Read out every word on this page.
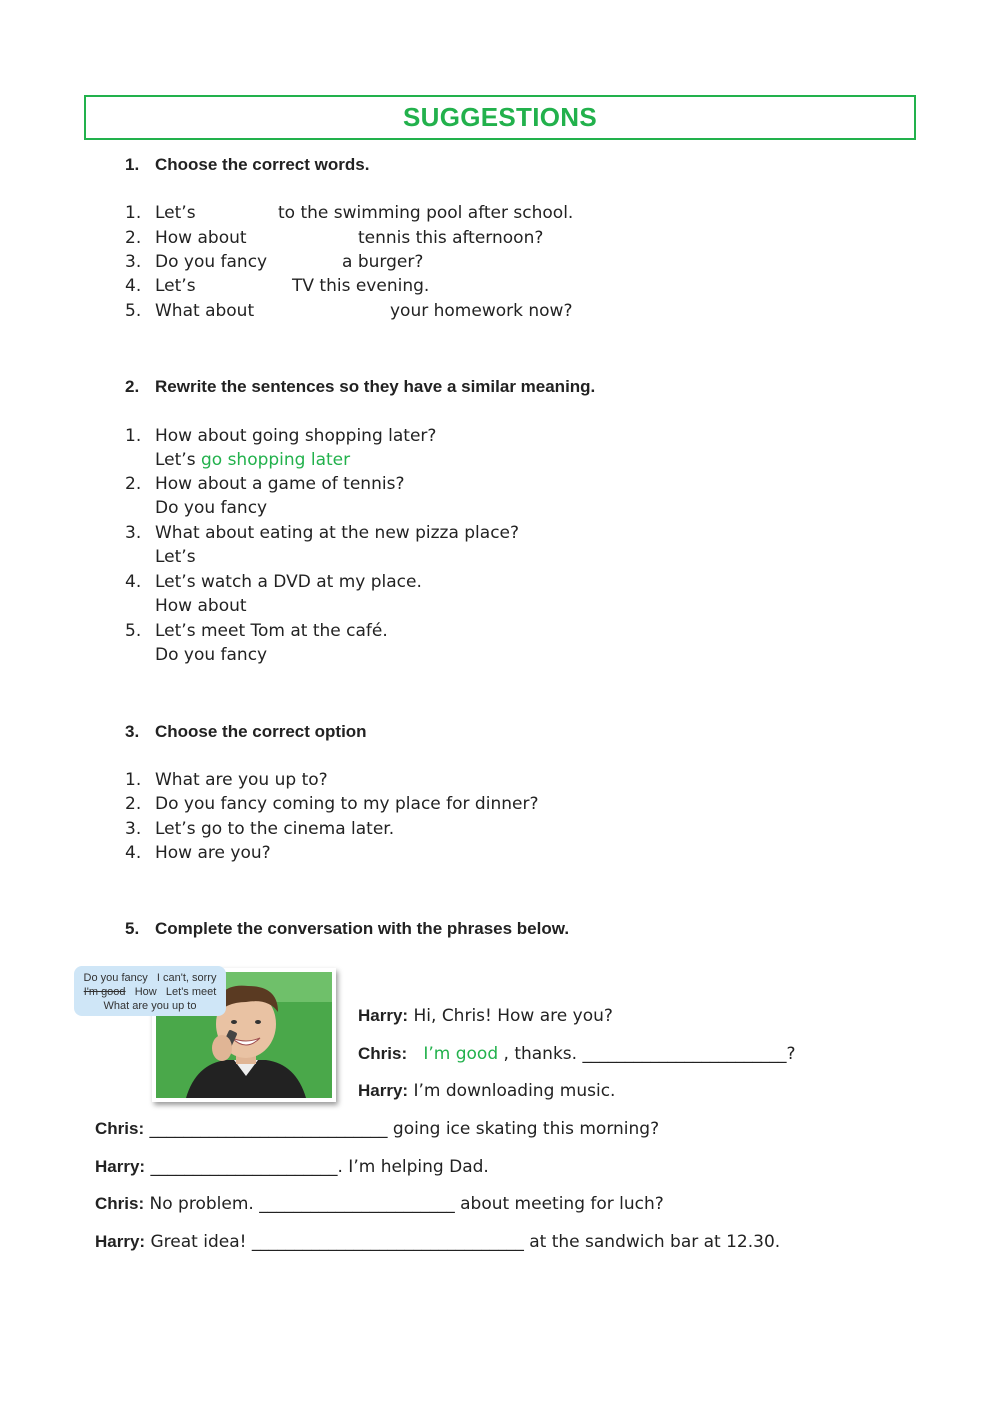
SUGGESTIONS
1. Choose the correct words.
1. Let’s	to the swimming pool after school.
2. How about	tennis this afternoon?
3. Do you fancy	a burger?
4. Let’s	TV this evening.
5. What about	your homework now?
2. Rewrite the sentences so they have a similar meaning.
1. How about going shopping later?
Let’s go shopping later
2. How about a game of tennis?
Do you fancy
3. What about eating at the new pizza place?
Let’s
4. Let’s watch a DVD at my place.
How about
5. Let’s meet Tom at the café.
Do you fancy
3. Choose the correct option
1. What are you up to?
2. Do you fancy coming to my place for dinner?
3. Let’s go to the cinema later.
4. How are you?
5. Complete the conversation with the phrases below.
Do you fancy I can't, sorry
I'm good How Let's meet
What are you up to	Harry: Hi, Chris! How are you?
Chris: I’m good , thanks. ________________________?
Harry: I’m downloading music.
Chris: ____________________________ going ice skating this morning?
Harry: ______________________. I’m helping Dad.
Chris: No problem. _______________________ about meeting for luch?
Harry: Great idea! ________________________________ at the sandwich bar at 12.30.
